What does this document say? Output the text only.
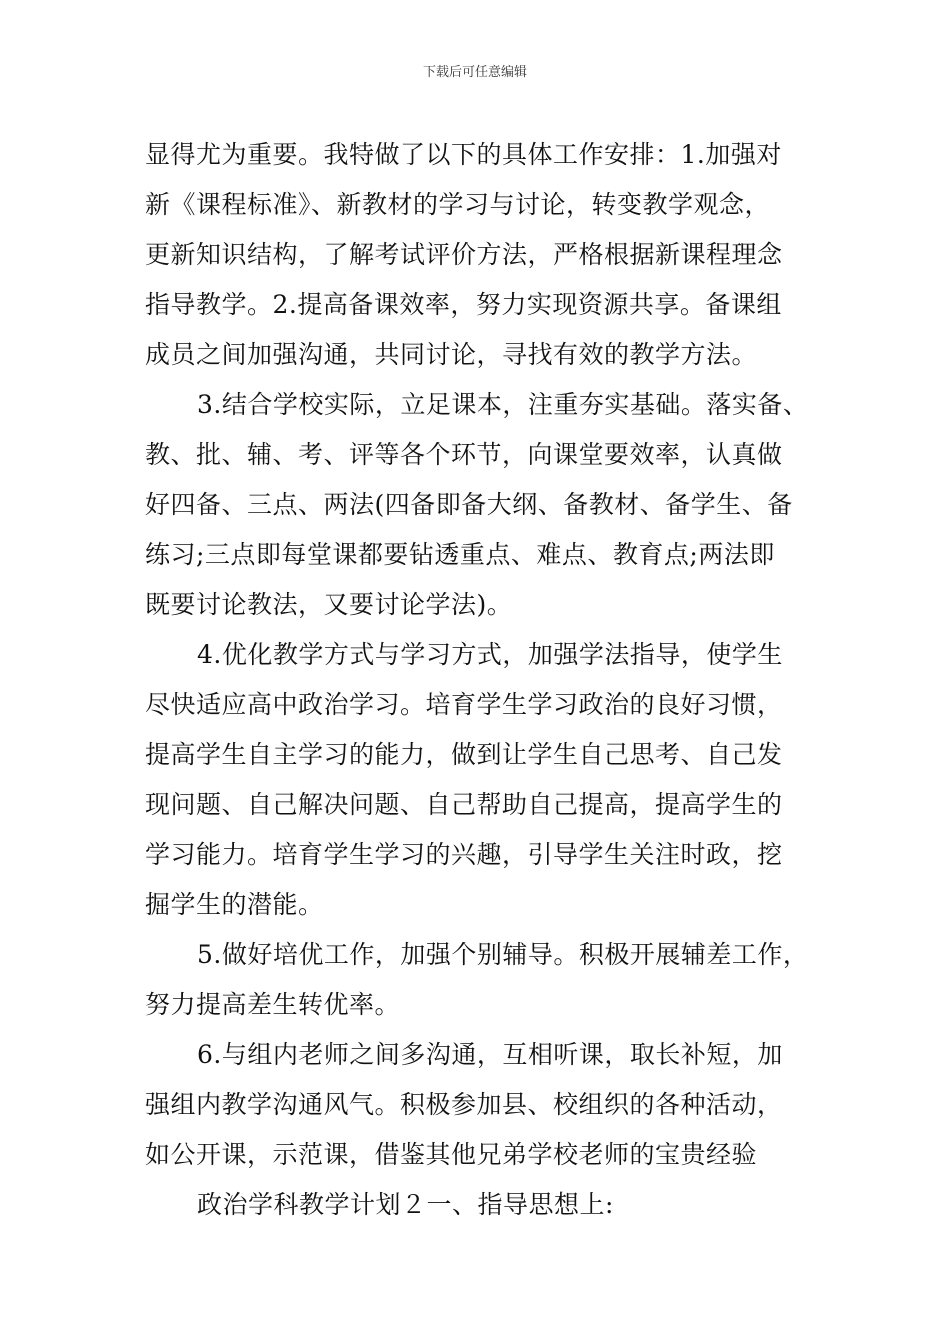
下载后可任意编辑
显得尤为重要。我特做了以下的具体工作安排：1.加强对
新《课程标准》、新教材的学习与讨论，转变教学观念，
更新知识结构，了解考试评价方法，严格根据新课程理念
指导教学。2.提高备课效率，努力实现资源共享。备课组
成员之间加强沟通，共同讨论，寻找有效的教学方法。
3.结合学校实际，立足课本，注重夯实基础。落实备、
教、批、辅、考、评等各个环节，向课堂要效率，认真做
好四备、三点、两法(四备即备大纲、备教材、备学生、备
练习;三点即每堂课都要钻透重点、难点、教育点;两法即
既要讨论教法，又要讨论学法)。
4.优化教学方式与学习方式，加强学法指导，使学生
尽快适应高中政治学习。培育学生学习政治的良好习惯，
提高学生自主学习的能力，做到让学生自己思考、自己发
现问题、自己解决问题、自己帮助自己提高，提高学生的
学习能力。培育学生学习的兴趣，引导学生关注时政，挖
掘学生的潜能。
5.做好培优工作，加强个别辅导。积极开展辅差工作，
努力提高差生转优率。
6.与组内老师之间多沟通，互相听课，取长补短，加
强组内教学沟通风气。积极参加县、校组织的各种活动，
如公开课，示范课，借鉴其他兄弟学校老师的宝贵经验
政治学科教学计划２一、指导思想上:
